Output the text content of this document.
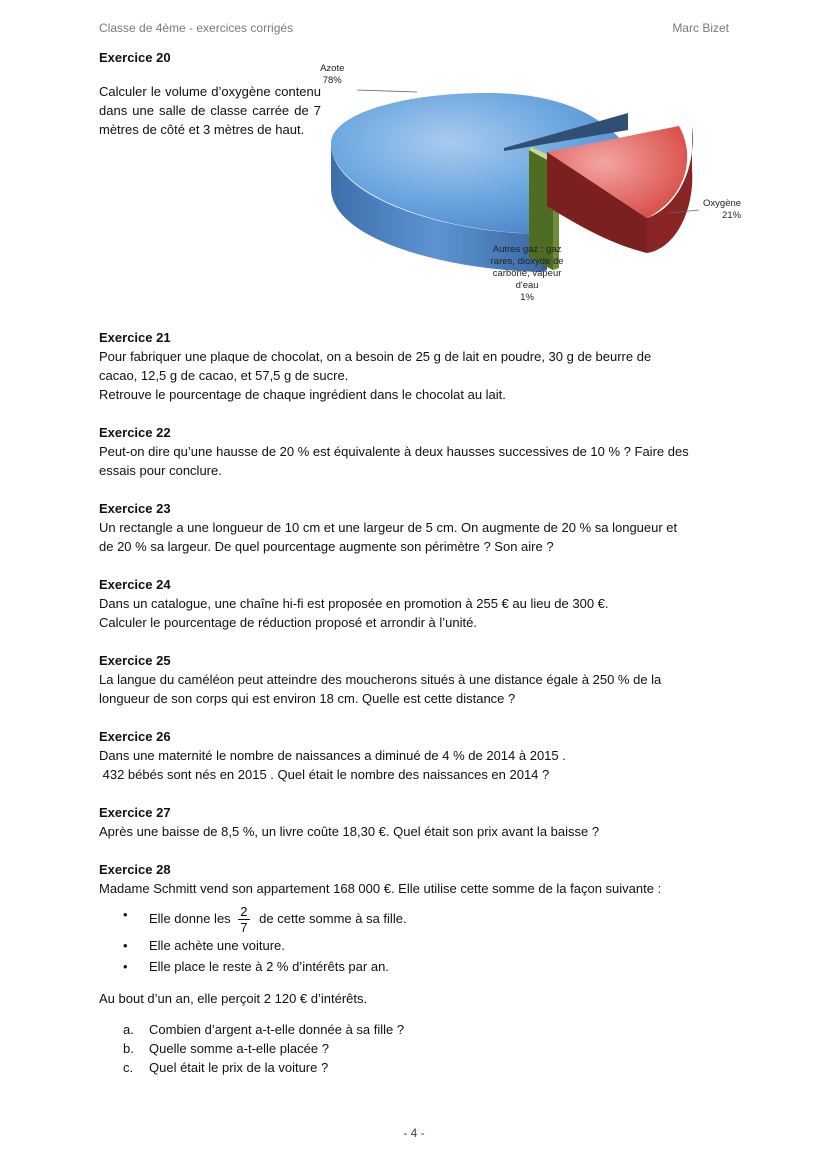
Classe de 4ème - exercices corrigés	Marc Bizet
Exercice 20
Calculer le volume d’oxygène contenu dans une salle de classe carrée de 7 mètres de côté et 3 mètres de haut.
Azote
78%
Oxygène
21%
Autres gaz : gaz
rares, dioxyde de
carbone, vapeur
d'eau
1%
Exercice 21
Pour fabriquer une plaque de chocolat, on a besoin de 25 g de lait en poudre, 30 g de beurre de
cacao, 12,5 g de cacao, et 57,5 g de sucre.
Retrouve le pourcentage de chaque ingrédient dans le chocolat au lait.
Exercice 22
Peut-on dire qu’une hausse de 20 % est équivalente à deux hausses successives de 10 % ? Faire des
essais pour conclure.
Exercice 23
Un rectangle a une longueur de 10 cm et une largeur de 5 cm. On augmente de 20 % sa longueur et
de 20 % sa largeur. De quel pourcentage augmente son périmètre ? Son aire ?
Exercice 24
Dans un catalogue, une chaîne hi-fi est proposée en promotion à 255 € au lieu de 300 €.
Calculer le pourcentage de réduction proposé et arrondir à l’unité.
Exercice 25
La langue du caméléon peut atteindre des moucherons situés à une distance égale à 250 % de la
longueur de son corps qui est environ 18 cm. Quelle est cette distance ?
Exercice 26
Dans une maternité le nombre de naissances a diminué de 4 % de 2014 à 2015 .
432 bébés sont nés en 2015 . Quel était le nombre des naissances en 2014 ?
Exercice 27
Après une baisse de 8,5 %, un livre coûte 18,30 €. Quel était son prix avant la baisse ?
Exercice 28
Madame Schmitt vend son appartement 168 000 €. Elle utilise cette somme de la façon suivante :
• Elle donne les $\frac{2}{7}$ de cette somme à sa fille.
• Elle achète une voiture.
• Elle place le reste à 2 % d’intérêts par an.
Au bout d’un an, elle perçoit 2 120 € d’intérêts.
a. Combien d’argent a-t-elle donnée à sa fille ?
b. Quelle somme a-t-elle placée ?
c. Quel était le prix de la voiture ?
- 4 -
